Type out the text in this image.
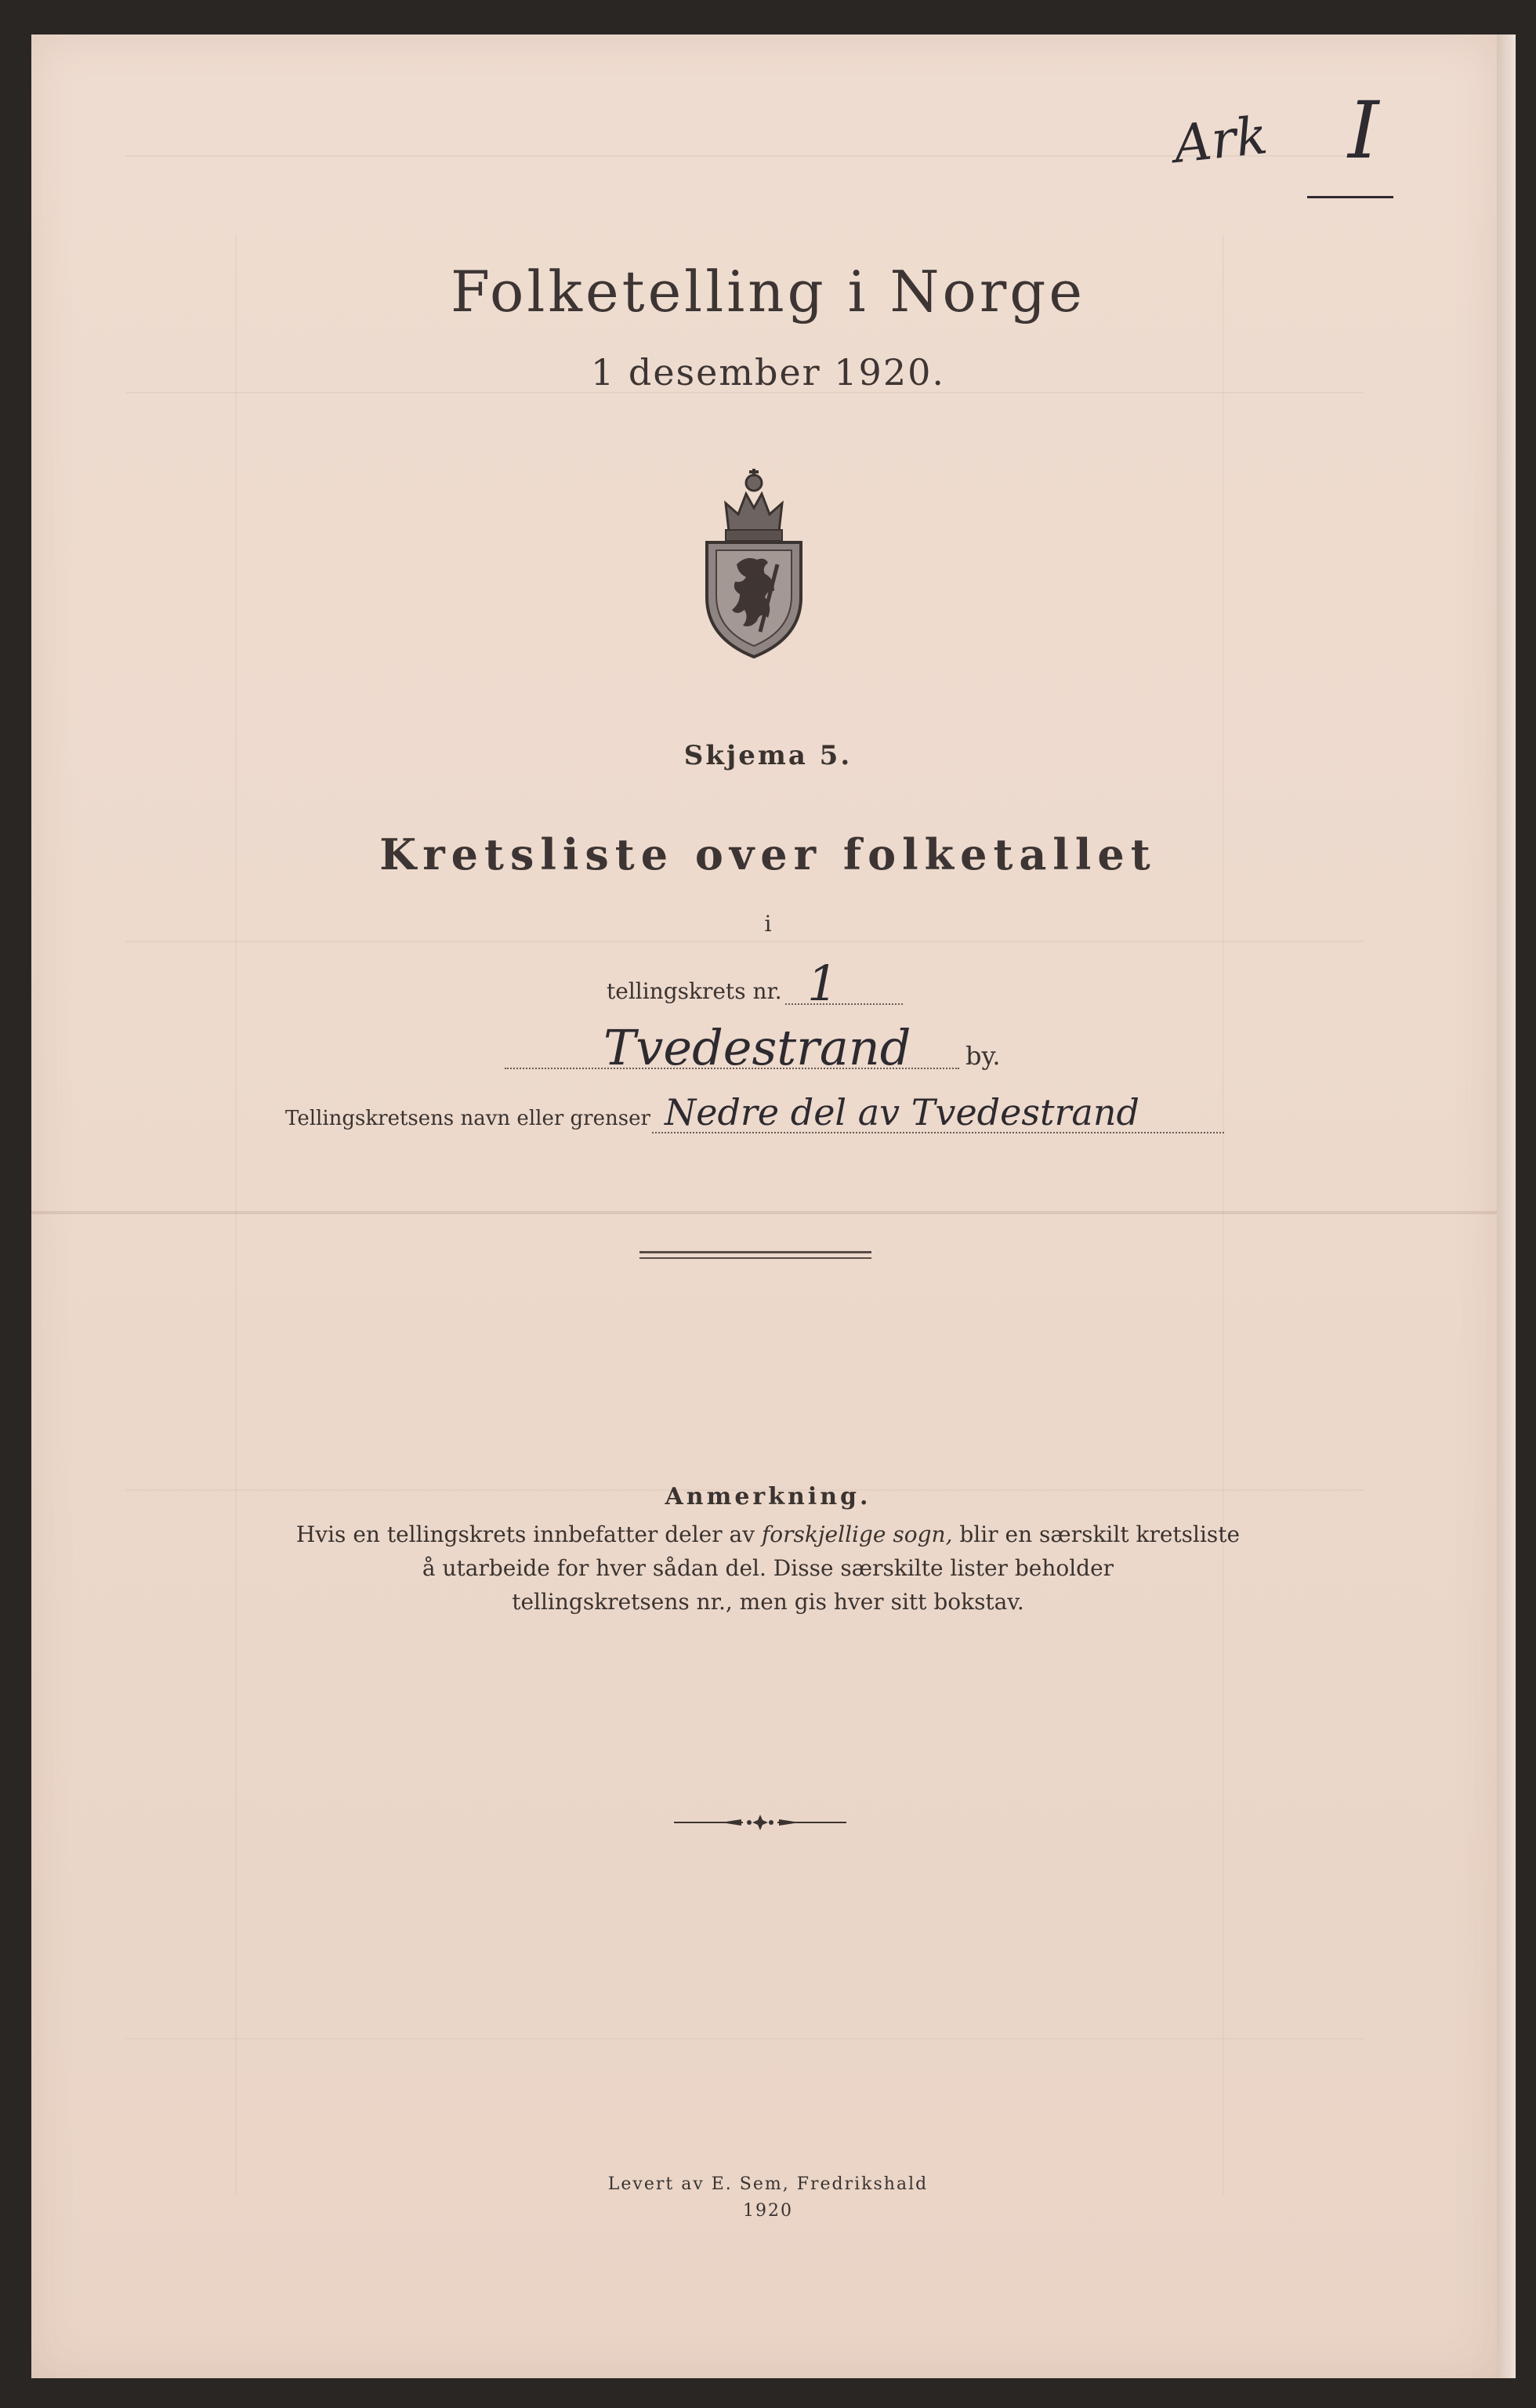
Ark I
Folketelling i Norge
1 desember 1920.
Skjema 5.
Kretsliste over folketallet
i
tellingskrets nr. 1
Tvedestrand by.
Tellingskretsens navn eller grenser Nedre del av Tvedestrand
Anmerkning.
Hvis en tellingskrets innbefatter deler av forskjellige sogn, blir en særskilt kretsliste
å utarbeide for hver sådan del. Disse særskilte lister beholder
tellingskretsens nr., men gis hver sitt bokstav.
Levert av E. Sem, Fredrikshald
1920
